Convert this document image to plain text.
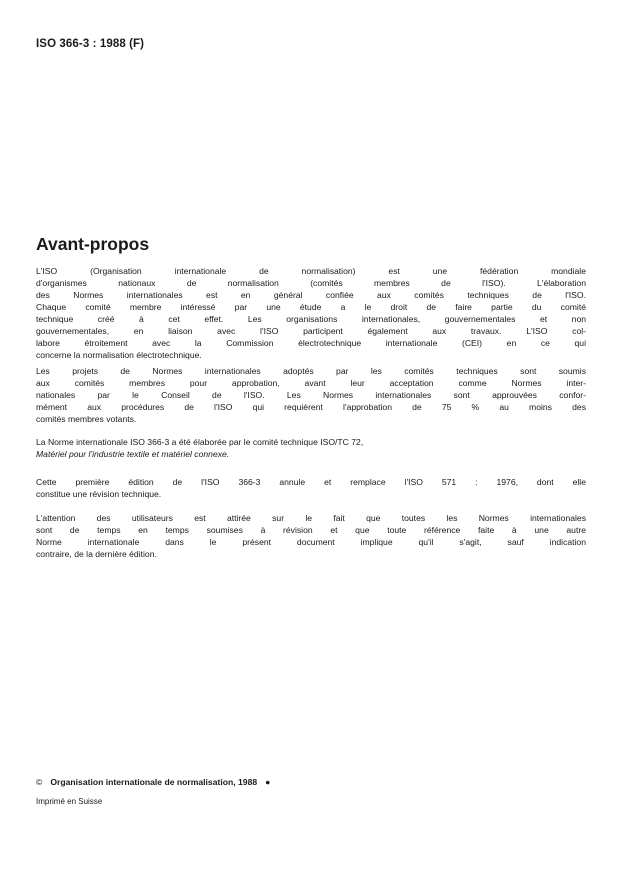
ISO 366-3 : 1988 (F)
Avant-propos
L'ISO (Organisation internationale de normalisation) est une fédération mondiale
d'organismes nationaux de normalisation (comités membres de l'ISO). L'élaboration
des Normes internationales est en général confiée aux comités techniques de l'ISO.
Chaque comité membre intéressé par une étude a le droit de faire partie du comité
technique créé à cet effet. Les organisations internationales, gouvernementales et non
gouvernementales, en liaison avec l'ISO participent également aux travaux. L'ISO col-
labore étroitement avec la Commission électrotechnique internationale (CEI) en ce qui
concerne la normalisation électrotechnique.
Les projets de Normes internationales adoptés par les comités techniques sont soumis
aux comités membres pour approbation, avant leur acceptation comme Normes inter-
nationales par le Conseil de l'ISO. Les Normes internationales sont approuvées confor-
mément aux procédures de l'ISO qui requièrent l'approbation de 75 % au moins des
comités membres votants.
La Norme internationale ISO 366-3 a été élaborée par le comité technique ISO/TC 72,
Matériel pour l'industrie textile et matériel connexe.
Cette première édition de l'ISO 366-3 annule et remplace l'ISO 571 : 1976, dont elle
constitue une révision technique.
L'attention des utilisateurs est attirée sur le fait que toutes les Normes internationales
sont de temps en temps soumises à révision et que toute référence faite à une autre
Norme internationale dans le présent document implique qu'il s'agit, sauf indication
contraire, de la dernière édition.
© Organisation internationale de normalisation, 1988 ●
Imprimé en Suisse
